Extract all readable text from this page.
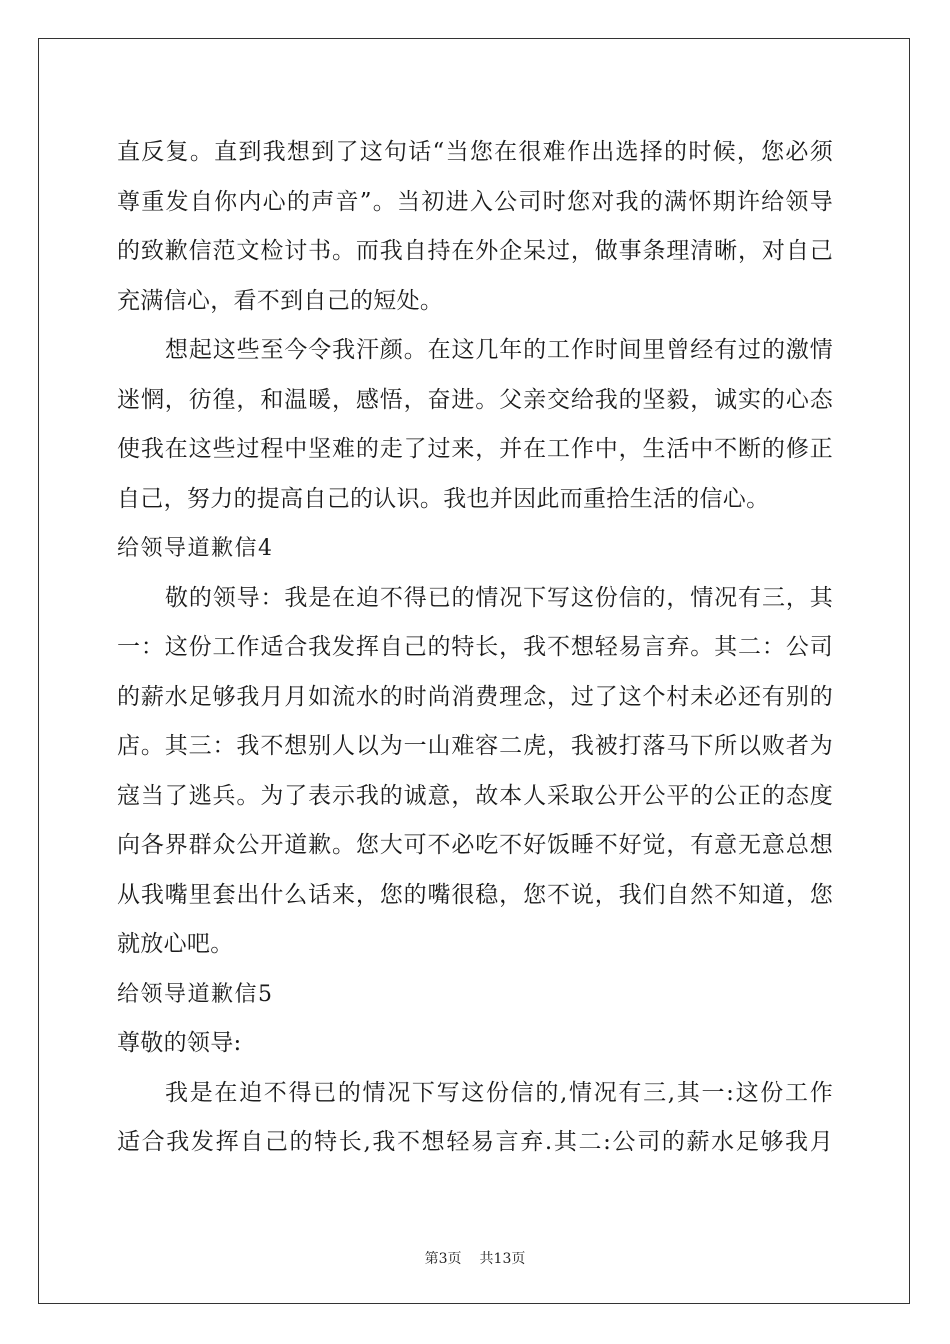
直反复。直到我想到了这句话“当您在很难作出选择的时候，您必须
尊重发自你内心的声音”。当初进入公司时您对我的满怀期许给领导
的致歉信范文检讨书。而我自持在外企呆过，做事条理清晰，对自己
充满信心，看不到自己的短处。
想起这些至今令我汗颜。在这几年的工作时间里曾经有过的激情
迷惘，彷徨，和温暖，感悟，奋进。父亲交给我的坚毅，诚实的心态
使我在这些过程中坚难的走了过来，并在工作中，生活中不断的修正
自己，努力的提高自己的认识。我也并因此而重拾生活的信心。
给领导道歉信4
敬的领导：我是在迫不得已的情况下写这份信的，情况有三，其
一：这份工作适合我发挥自己的特长，我不想轻易言弃。其二：公司
的薪水足够我月月如流水的时尚消费理念，过了这个村未必还有别的
店。其三：我不想别人以为一山难容二虎，我被打落马下所以败者为
寇当了逃兵。为了表示我的诚意，故本人采取公开公平的公正的态度
向各界群众公开道歉。您大可不必吃不好饭睡不好觉，有意无意总想
从我嘴里套出什么话来，您的嘴很稳，您不说，我们自然不知道，您
就放心吧。
给领导道歉信5
尊敬的领导:
我是在迫不得已的情况下写这份信的,情况有三,其一:这份工作
适合我发挥自己的特长,我不想轻易言弃.其二:公司的薪水足够我月
第3页 共13页
